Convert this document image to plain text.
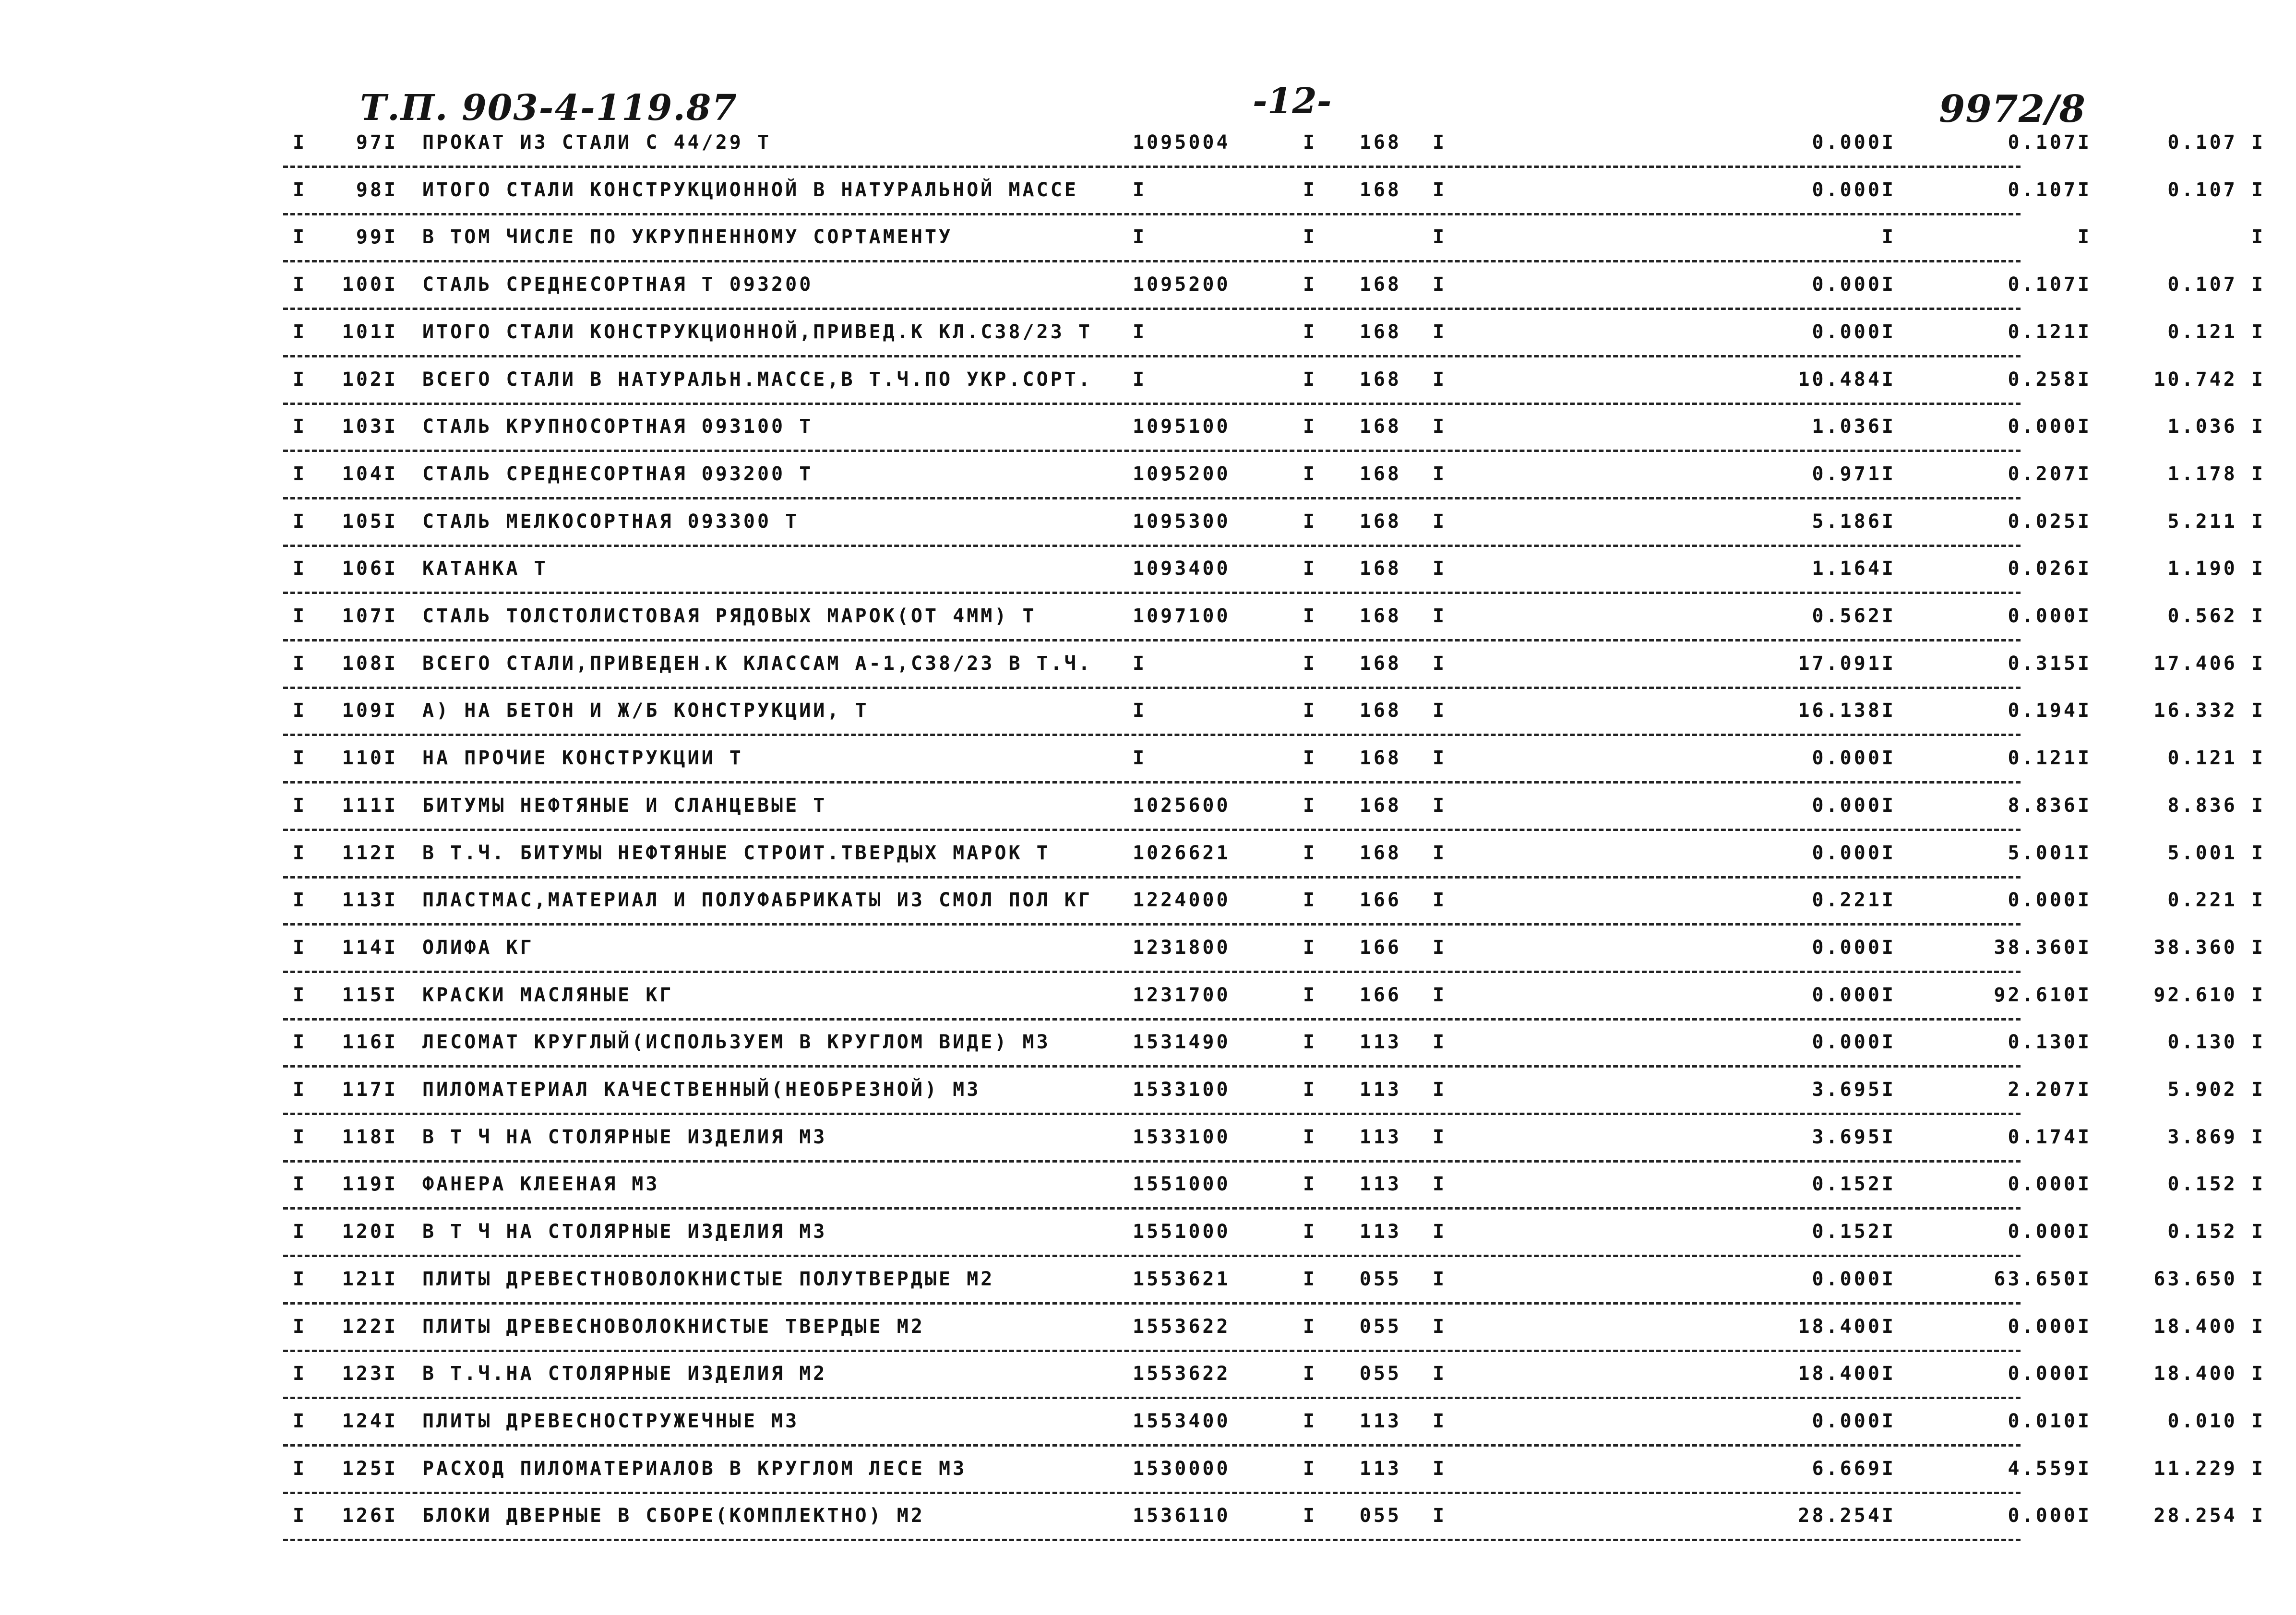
Т.П. 903-4-119.87	-12-	9972/8
I	97 I ПРОКАТ ИЗ СТАЛИ С 44/29 Т	1095004	I	168 I	0.000I	0.107I	0.107 I
I	98 I ИТОГО СТАЛИ КОНСТРУКЦИОННОЙ В НАТУРАЛЬНОЙ МАССЕ	I	I	168 I	0.000I	0.107I	0.107 I
I	99 I В ТОМ ЧИСЛЕ ПО УКРУПНЕННОМУ СОРТАМЕНТУ	I	I	I	I	I	I
I	100 I СТАЛЬ СРЕДНЕСОРТНАЯ Т 093200	1095200	I	168 I	0.000I	0.107I	0.107 I
I	101 I ИТОГО СТАЛИ КОНСТРУКЦИОННОЙ,ПРИВЕД.К КЛ.С38/23 Т I	I	168 I	0.000I	0.121I	0.121 I
I	102 I ВСЕГО СТАЛИ В НАТУРАЛЬН.МАССЕ,В Т.Ч.ПО УКР.СОРТ. I	I	168 I	10.484I	0.258I	10.742 I
I	103 I СТАЛЬ КРУПНОСОРТНАЯ 093100 Т	1095100	I	168 I	1.036I	0.000I	1.036 I
I	104 I СТАЛЬ СРЕДНЕСОРТНАЯ 093200 Т	1095200	I	168 I	0.971I	0.207I	1.178 I
I	105 I СТАЛЬ МЕЛКОСОРТНАЯ 093300 Т	1095300	I	168 I	5.186I	0.025I	5.211 I
I	106 I КАТАНКА Т	1093400	I	168 I	1.164I	0.026I	1.190 I
I	107 I СТАЛЬ ТОЛСТОЛИСТОВАЯ РЯДОВЫХ МАРОК(ОТ 4ММ) Т	1097100	I	168 I	0.562I	0.000I	0.562 I
I	108 I ВСЕГО СТАЛИ,ПРИВЕДЕН.К КЛАССАМ А-1,С38/23 В Т.Ч. I	I	168 I	17.091I	0.315I	17.406 I
I	109 I А) НА БЕТОН И Ж/Б КОНСТРУКЦИИ, Т	I	I	168 I	16.138I	0.194I	16.332 I
I	110 I НА ПРОЧИЕ КОНСТРУКЦИИ Т	I	I	168 I	0.000I	0.121I	0.121 I
I	111 I БИТУМЫ НЕФТЯНЫЕ И СЛАНЦЕВЫЕ Т	1025600	I	168 I	0.000I	8.836I	8.836 I
I	112 I В Т.Ч. БИТУМЫ НЕФТЯНЫЕ СТРОИТ.ТВЕРДЫХ МАРОК Т	1026621	I	168 I	0.000I	5.001I	5.001 I
I	113 I ПЛАСТМАС,МАТЕРИАЛ И ПОЛУФАБРИКАТЫ ИЗ СМОЛ ПОЛ КГ 1224000	I	166 I	0.221I	0.000I	0.221 I
I	114 I ОЛИФА КГ	1231800	I	166 I	0.000I	38.360I	38.360 I
I	115 I КРАСКИ МАСЛЯНЫЕ КГ	1231700	I	166 I	0.000I	92.610I	92.610 I
I	116 I ЛЕСОМАТ КРУГЛЫЙ(ИСПОЛЬЗУЕМ В КРУГЛОМ ВИДЕ) М3	1531490	I	113 I	0.000I	0.130I	0.130 I
I	117 I ПИЛОМАТЕРИАЛ КАЧЕСТВЕННЫЙ(НЕОБРЕЗНОЙ) М3	1533100	I	113 I	3.695I	2.207I	5.902 I
I	118 I В Т Ч НА СТОЛЯРНЫЕ ИЗДЕЛИЯ М3	1533100	I	113 I	3.695I	0.174I	3.869 I
I	119 I ФАНЕРА КЛЕЕНАЯ М3	1551000	I	113 I	0.152I	0.000I	0.152 I
I	120 I В Т Ч НА СТОЛЯРНЫЕ ИЗДЕЛИЯ М3	1551000	I	113 I	0.152I	0.000I	0.152 I
I	121 I ПЛИТЫ ДРЕВЕСТНОВОЛОКНИСТЫЕ ПОЛУТВЕРДЫЕ М2	1553621	I	055 I	0.000I	63.650I	63.650 I
I	122 I ПЛИТЫ ДРЕВЕСНОВОЛОКНИСТЫЕ ТВЕРДЫЕ М2	1553622	I	055 I	18.400I	0.000I	18.400 I
I	123 I В Т.Ч.НА СТОЛЯРНЫЕ ИЗДЕЛИЯ М2	1553622	I	055 I	18.400I	0.000I	18.400 I
I	124 I ПЛИТЫ ДРЕВЕСНОСТРУЖЕЧНЫЕ М3	1553400	I	113 I	0.000I	0.010I	0.010 I
I	125 I РАСХОД ПИЛОМАТЕРИАЛОВ В КРУГЛОМ ЛЕСЕ М3	1530000	I	113 I	6.669I	4.559I	11.229 I
I	126 I БЛОКИ ДВЕРНЫЕ В СБОРЕ(КОМПЛЕКТНО) М2	1536110	I	055 I	28.254I	0.000I	28.254 I
